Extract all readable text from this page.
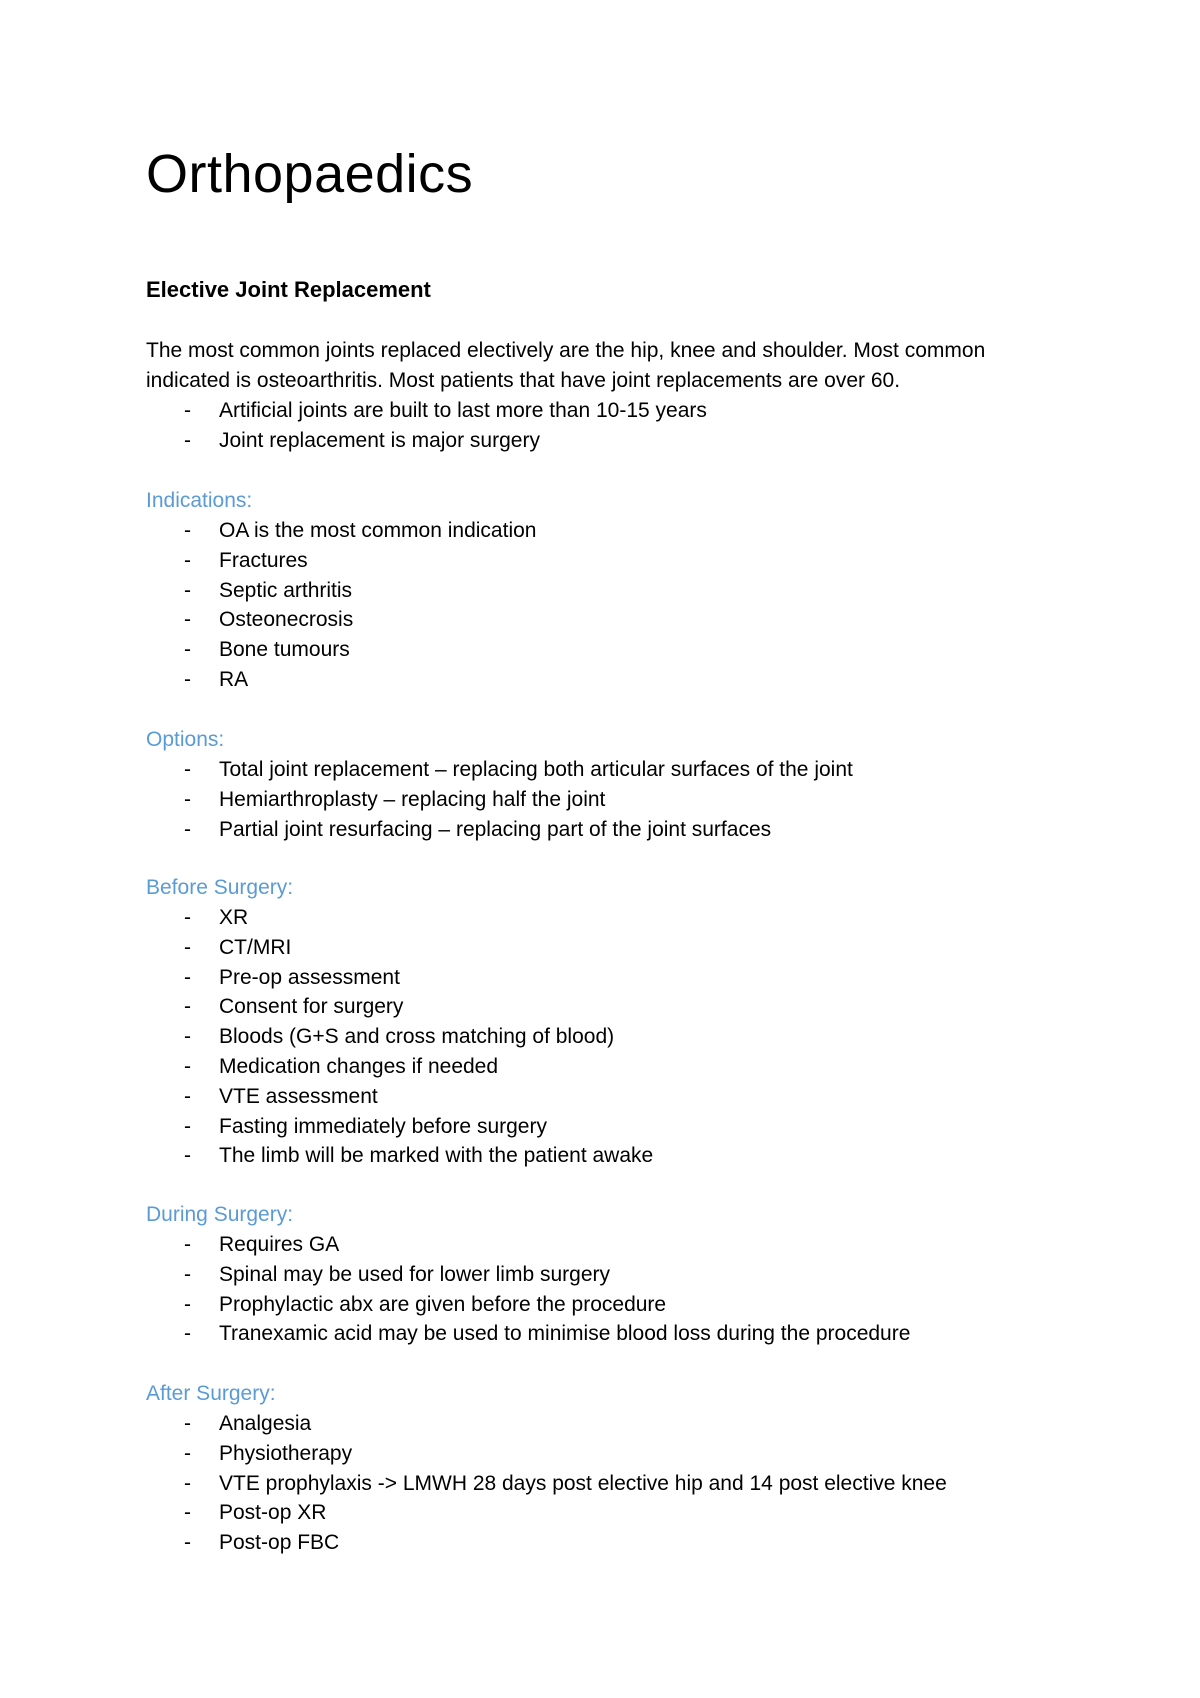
Orthopaedics
Elective Joint Replacement
The most common joints replaced electively are the hip, knee and shoulder. Most common
indicated is osteoarthritis. Most patients that have joint replacements are over 60.
- Artificial joints are built to last more than 10-15 years
- Joint replacement is major surgery
Indications:
- OA is the most common indication
- Fractures
- Septic arthritis
- Osteonecrosis
- Bone tumours
- RA
Options:
- Total joint replacement – replacing both articular surfaces of the joint
- Hemiarthroplasty – replacing half the joint
- Partial joint resurfacing – replacing part of the joint surfaces
Before Surgery:
- XR
- CT/MRI
- Pre-op assessment
- Consent for surgery
- Bloods (G+S and cross matching of blood)
- Medication changes if needed
- VTE assessment
- Fasting immediately before surgery
- The limb will be marked with the patient awake
During Surgery:
- Requires GA
- Spinal may be used for lower limb surgery
- Prophylactic abx are given before the procedure
- Tranexamic acid may be used to minimise blood loss during the procedure
After Surgery:
- Analgesia
- Physiotherapy
- VTE prophylaxis -> LMWH 28 days post elective hip and 14 post elective knee
- Post-op XR
- Post-op FBC
